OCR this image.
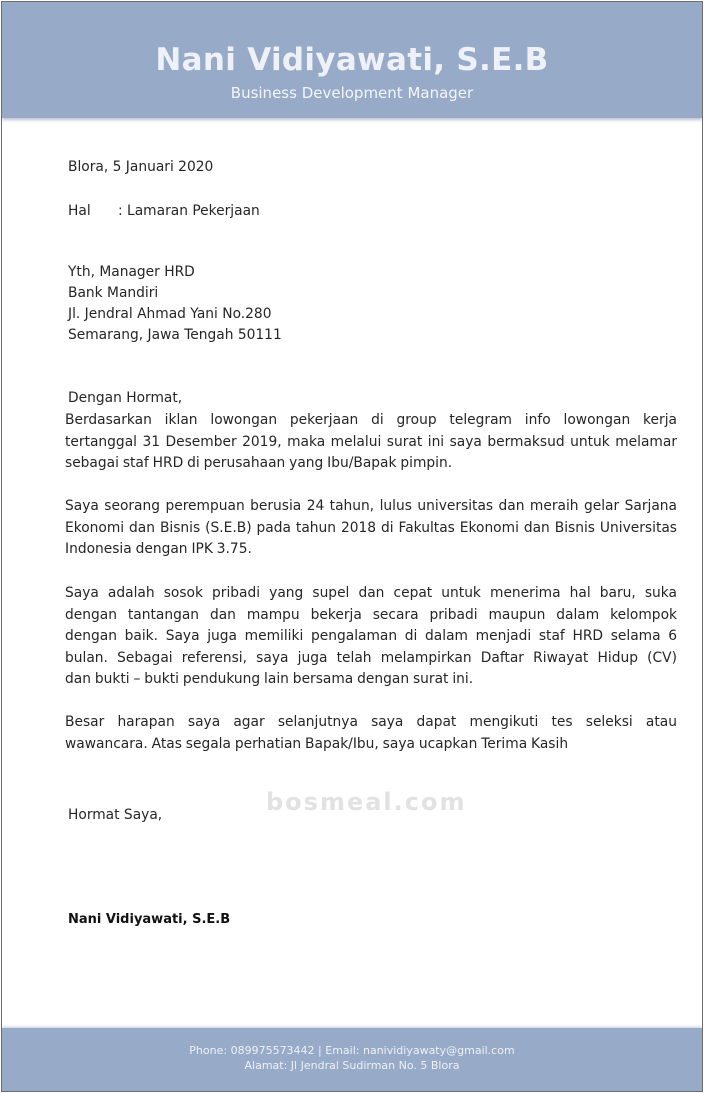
Nani Vidiyawati, S.E.B
Business Development Manager
Blora, 5 Januari 2020
Hal : Lamaran Pekerjaan
Yth, Manager HRD
Bank Mandiri
Jl. Jendral Ahmad Yani No.280
Semarang, Jawa Tengah 50111
Dengan Hormat,
Berdasarkan iklan lowongan pekerjaan di group telegram info lowongan kerja
tertanggal 31 Desember 2019, maka melalui surat ini saya bermaksud untuk melamar
sebagai staf HRD di perusahaan yang Ibu/Bapak pimpin.
Saya seorang perempuan berusia 24 tahun, lulus universitas dan meraih gelar Sarjana
Ekonomi dan Bisnis (S.E.B) pada tahun 2018 di Fakultas Ekonomi dan Bisnis Universitas
Indonesia dengan IPK 3.75.
Saya adalah sosok pribadi yang supel dan cepat untuk menerima hal baru, suka
dengan tantangan dan mampu bekerja secara pribadi maupun dalam kelompok
dengan baik. Saya juga memiliki pengalaman di dalam menjadi staf HRD selama 6
bulan. Sebagai referensi, saya juga telah melampirkan Daftar Riwayat Hidup (CV)
dan bukti – bukti pendukung lain bersama dengan surat ini.
Besar harapan saya agar selanjutnya saya dapat mengikuti tes seleksi atau
wawancara. Atas segala perhatian Bapak/Ibu, saya ucapkan Terima Kasih
bosmeal.com
Hormat Saya,
Nani Vidiyawati, S.E.B
Phone: 089975573442 | Email: nanividiyawaty@gmail.com
Alamat: Jl Jendral Sudirman No. 5 Blora
